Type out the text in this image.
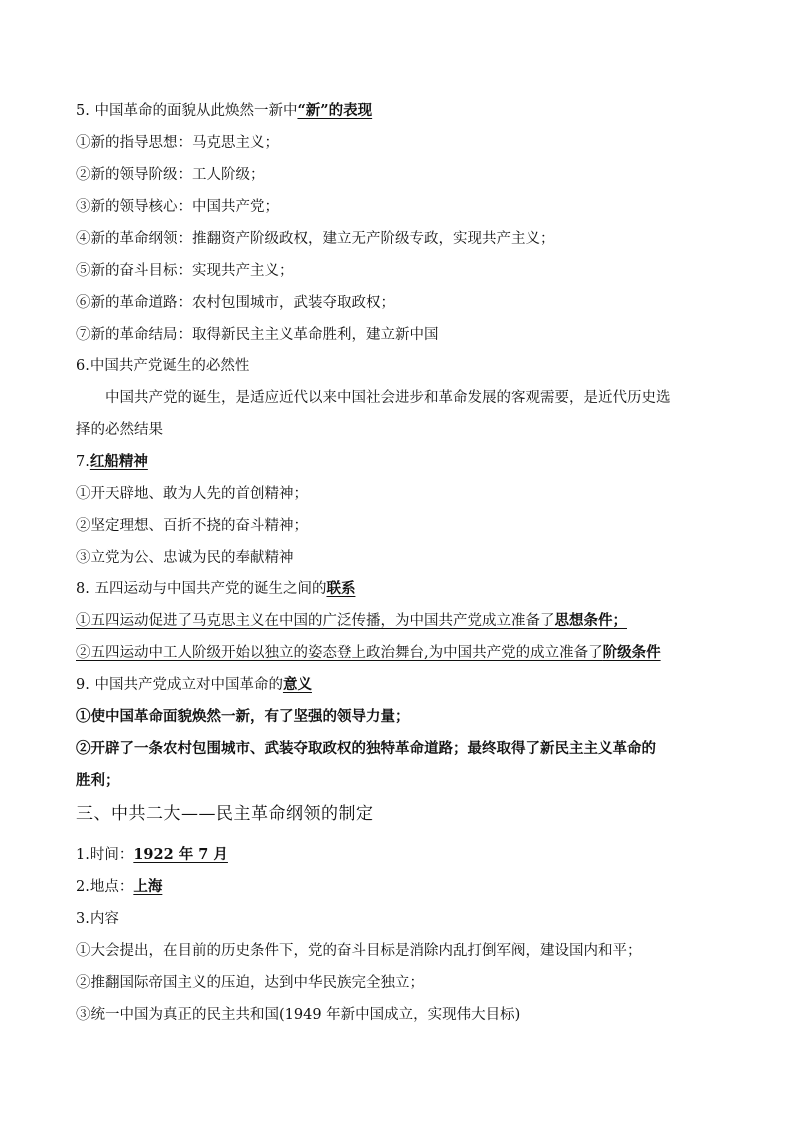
5. 中国革命的面貌从此焕然一新中“新”的表现
①新的指导思想：马克思主义；
②新的领导阶级：工人阶级；
③新的领导核心：中国共产党；
④新的革命纲领：推翻资产阶级政权，建立无产阶级专政，实现共产主义；
⑤新的奋斗目标：实现共产主义；
⑥新的革命道路：农村包围城市，武装夺取政权；
⑦新的革命结局：取得新民主主义革命胜利，建立新中国
6.中国共产党诞生的必然性
中国共产党的诞生，是适应近代以来中国社会进步和革命发展的客观需要，是近代历史选
择的必然结果
7.红船精神
①开天辟地、敢为人先的首创精神；
②坚定理想、百折不挠的奋斗精神；
③立党为公、忠诚为民的奉献精神
8. 五四运动与中国共产党的诞生之间的联系
①五四运动促进了马克思主义在中国的广泛传播，为中国共产党成立准备了思想条件；
②五四运动中工人阶级开始以独立的姿态登上政治舞台,为中国共产党的成立准备了阶级条件
9. 中国共产党成立对中国革命的意义
①使中国革命面貌焕然一新，有了坚强的领导力量；
②开辟了一条农村包围城市、武装夺取政权的独特革命道路；最终取得了新民主主义革命的
胜利；
三、中共二大——民主革命纲领的制定
1.时间：1922 年 7 月
2.地点：上海
3.内容
①大会提出，在目前的历史条件下，党的奋斗目标是消除内乱打倒军阀，建设国内和平；
②推翻国际帝国主义的压迫，达到中华民族完全独立；
③统一中国为真正的民主共和国(1949 年新中国成立，实现伟大目标)
